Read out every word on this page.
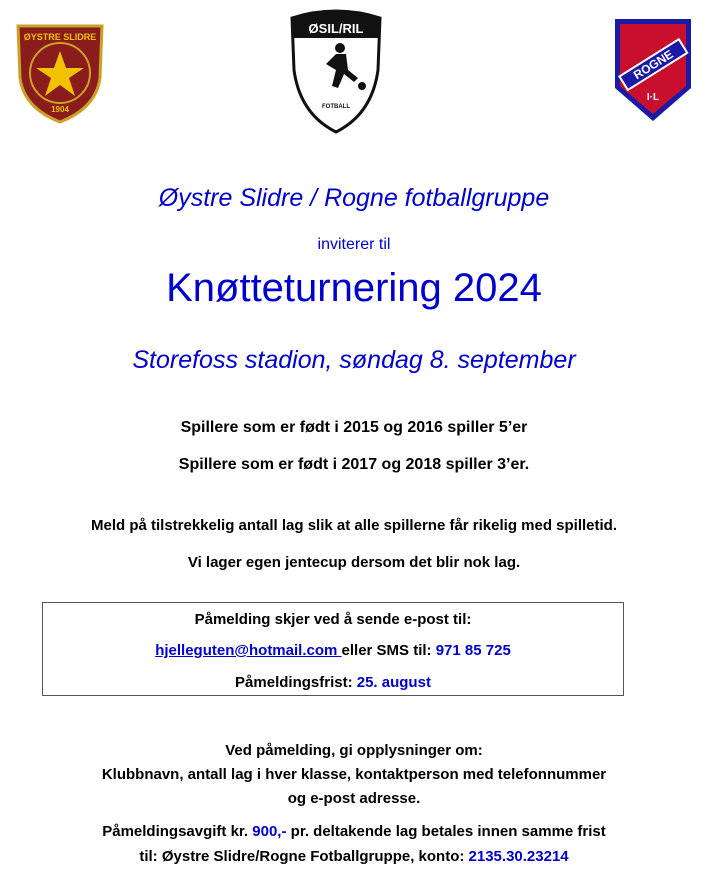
ØYSTRE SLIDRE
I. L.
1904
ØSIL/RIL
FOTBALL
ROGNE
I·L
Øystre Slidre / Rogne fotballgruppe
inviterer til
Knøtteturnering 2024
Storefoss stadion, søndag 8. september
Spillere som er født i 2015 og 2016 spiller 5’er
Spillere som er født i 2017 og 2018 spiller 3’er.
Meld på tilstrekkelig antall lag slik at alle spillerne får rikelig med spilletid.
Vi lager egen jentecup dersom det blir nok lag.
Påmelding skjer ved å sende e-post til:
hjelleguten@hotmail.com eller SMS til: 971 85 725
Påmeldingsfrist: 25. august
Ved påmelding, gi opplysninger om:
Klubbnavn, antall lag i hver klasse, kontaktperson med telefonnummer
og e-post adresse.
Påmeldingsavgift kr. 900,- pr. deltakende lag betales innen samme frist
til: Øystre Slidre/Rogne Fotballgruppe, konto: 2135.30.23214
